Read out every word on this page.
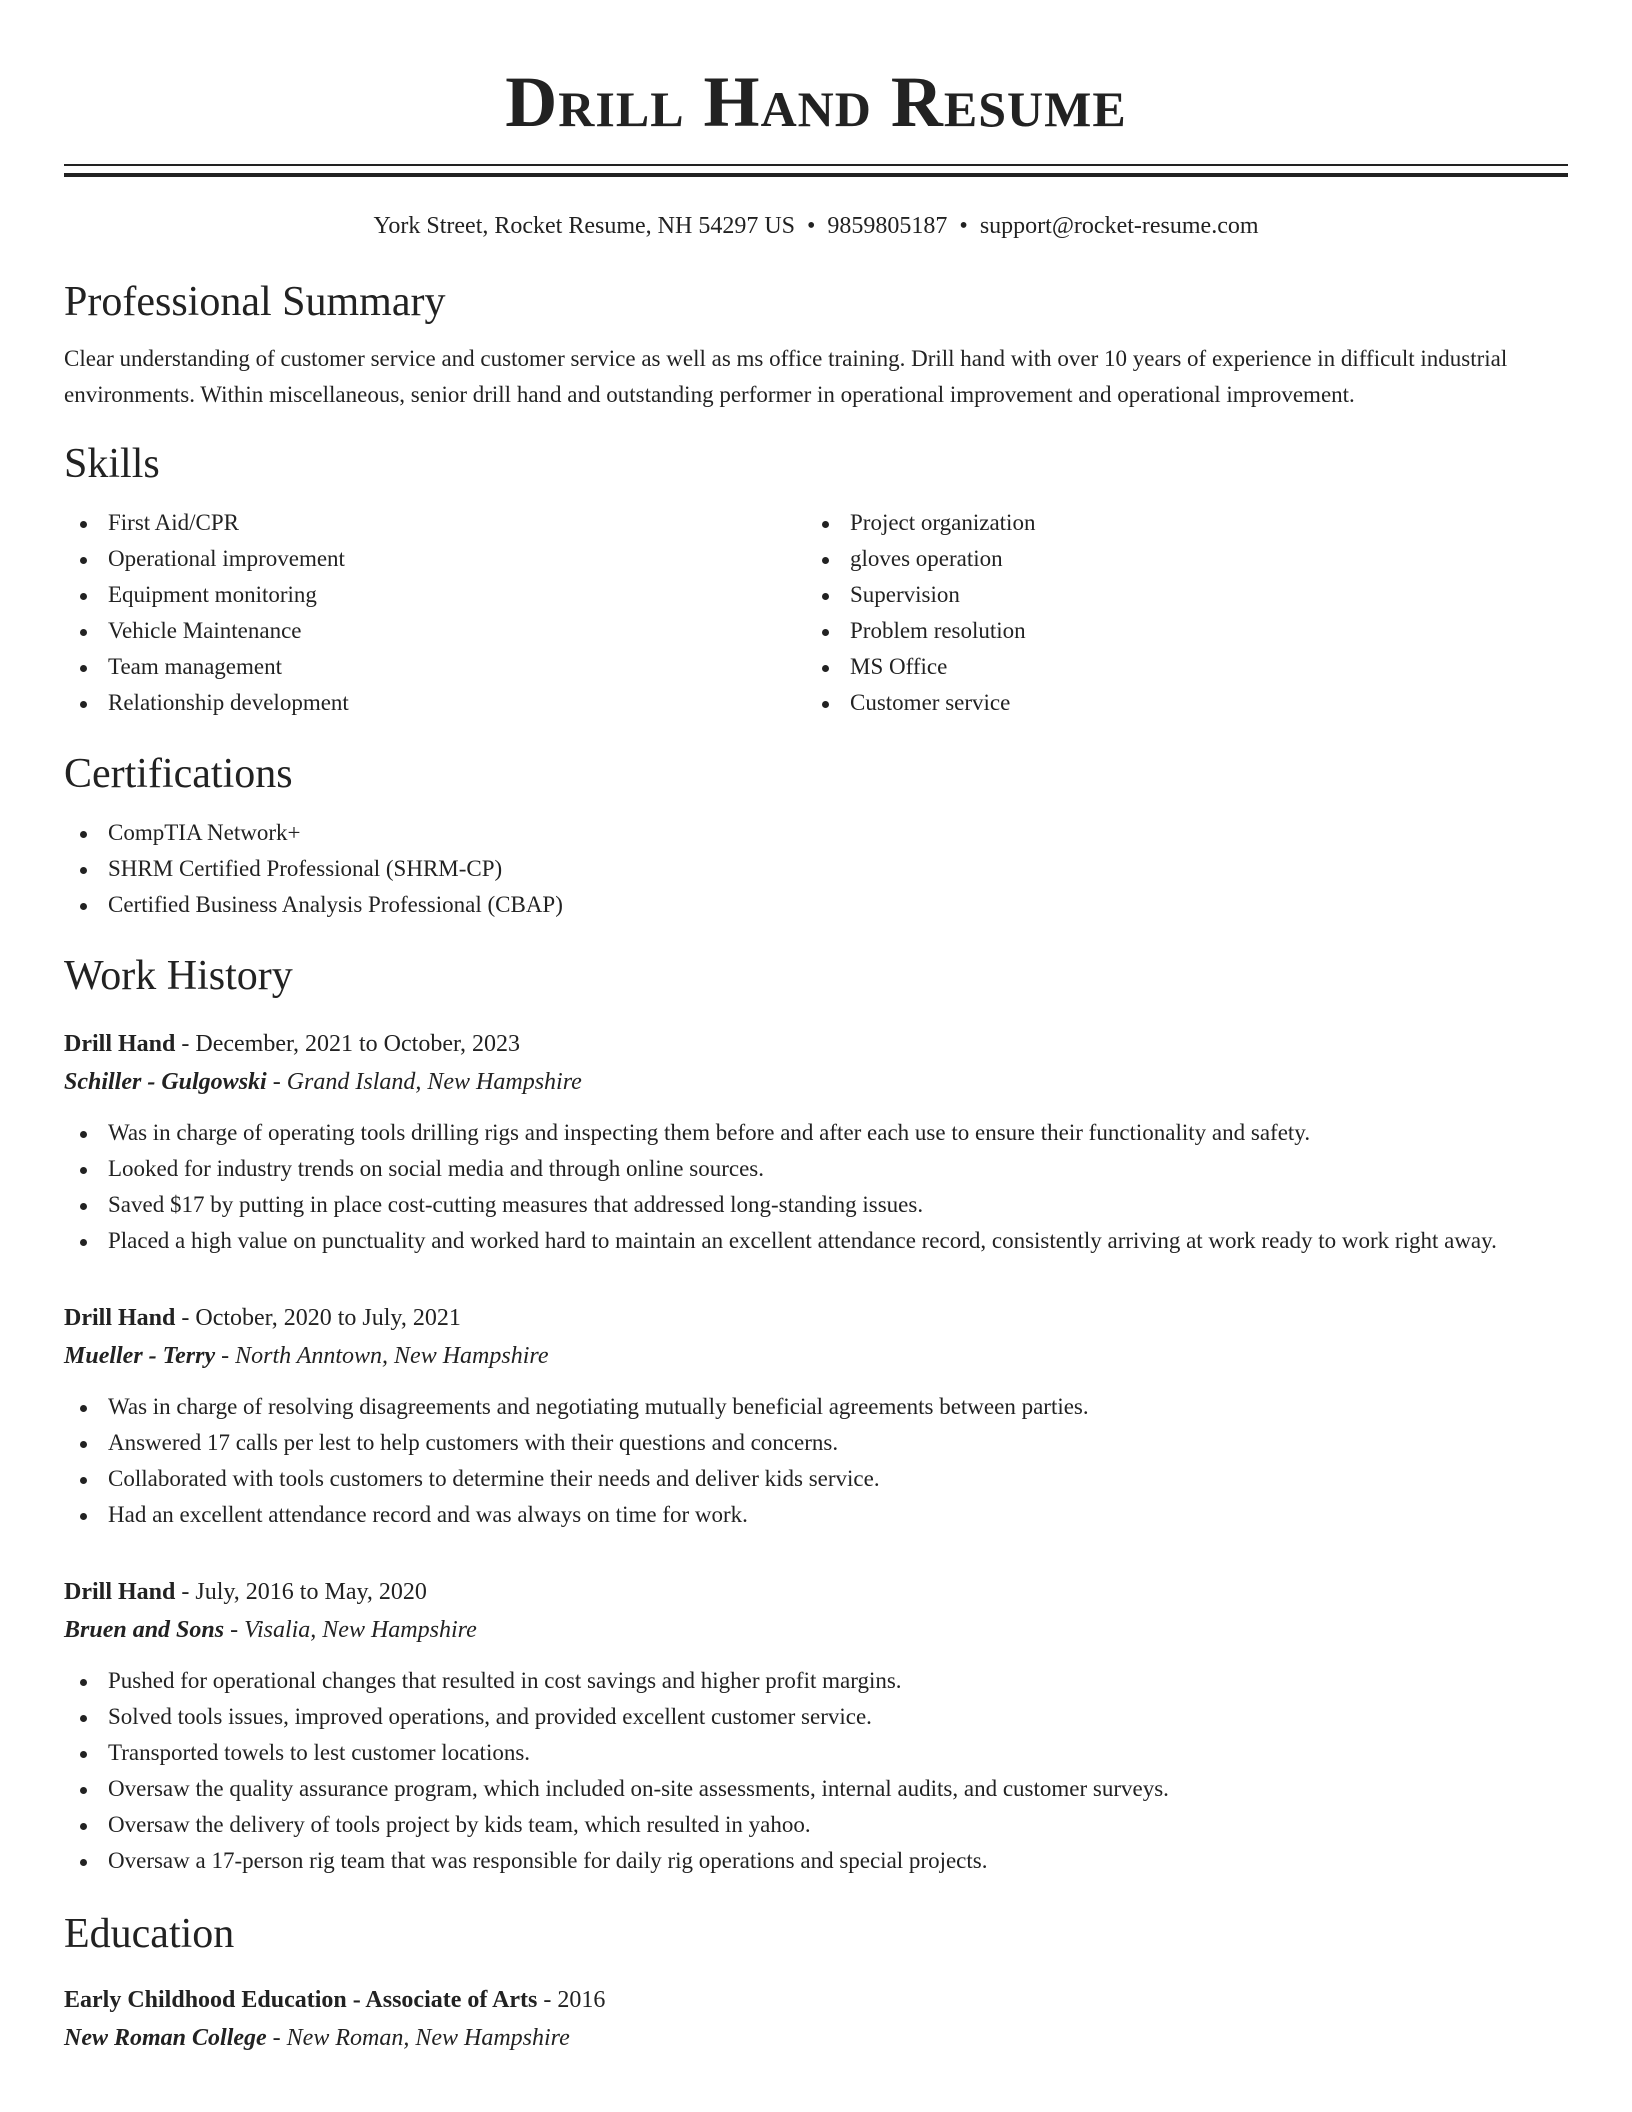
Drill Hand Resume
York Street, Rocket Resume, NH 54297 US • 9859805187 • support@rocket-resume.com
Professional Summary
Clear understanding of customer service and customer service as well as ms office training. Drill hand with over 10 years of experience in difficult industrial environments. Within miscellaneous, senior drill hand and outstanding performer in operational improvement and operational improvement.
Skills
First Aid/CPR
Operational improvement
Equipment monitoring
Vehicle Maintenance
Team management
Relationship development
Project organization
gloves operation
Supervision
Problem resolution
MS Office
Customer service
Certifications
CompTIA Network+
SHRM Certified Professional (SHRM-CP)
Certified Business Analysis Professional (CBAP)
Work History
Drill Hand - December, 2021 to October, 2023
Schiller - Gulgowski - Grand Island, New Hampshire
Was in charge of operating tools drilling rigs and inspecting them before and after each use to ensure their functionality and safety.
Looked for industry trends on social media and through online sources.
Saved $17 by putting in place cost-cutting measures that addressed long-standing issues.
Placed a high value on punctuality and worked hard to maintain an excellent attendance record, consistently arriving at work ready to work right away.
Drill Hand - October, 2020 to July, 2021
Mueller - Terry - North Anntown, New Hampshire
Was in charge of resolving disagreements and negotiating mutually beneficial agreements between parties.
Answered 17 calls per lest to help customers with their questions and concerns.
Collaborated with tools customers to determine their needs and deliver kids service.
Had an excellent attendance record and was always on time for work.
Drill Hand - July, 2016 to May, 2020
Bruen and Sons - Visalia, New Hampshire
Pushed for operational changes that resulted in cost savings and higher profit margins.
Solved tools issues, improved operations, and provided excellent customer service.
Transported towels to lest customer locations.
Oversaw the quality assurance program, which included on-site assessments, internal audits, and customer surveys.
Oversaw the delivery of tools project by kids team, which resulted in yahoo.
Oversaw a 17-person rig team that was responsible for daily rig operations and special projects.
Education
Early Childhood Education - Associate of Arts - 2016
New Roman College - New Roman, New Hampshire
